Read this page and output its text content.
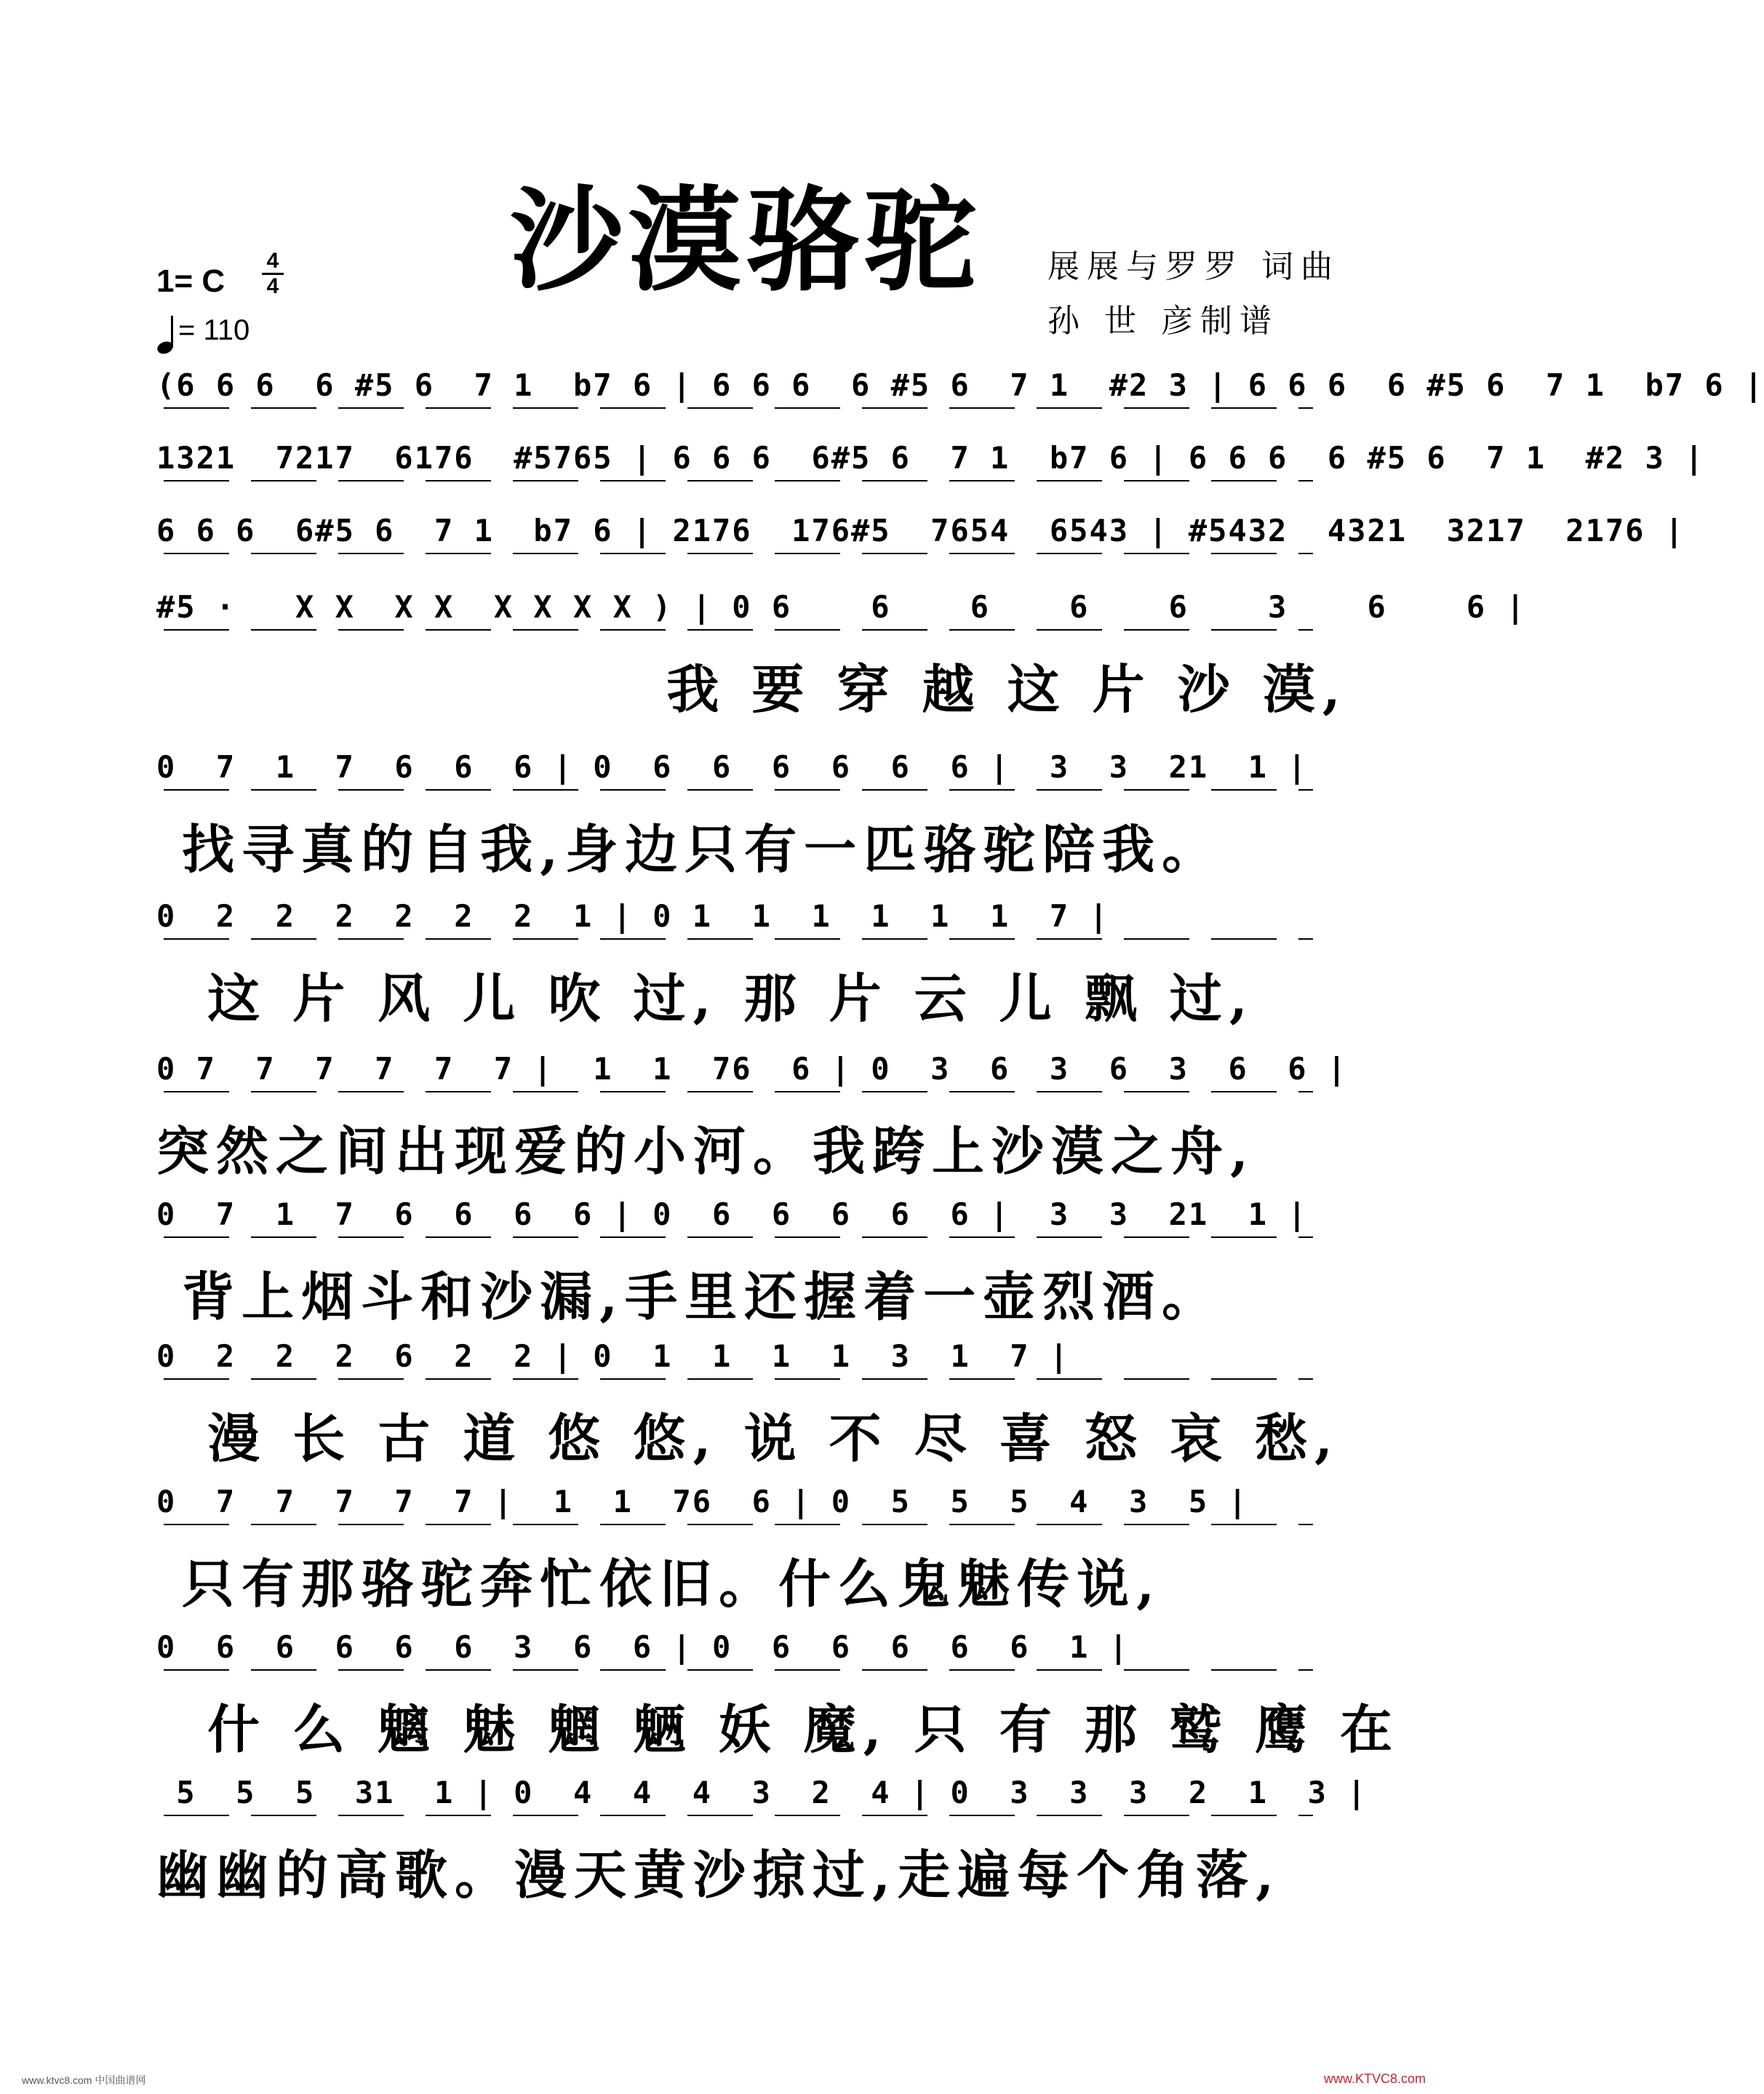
沙漠骆驼	展展与罗罗 词曲
孙 世 彦制谱
1= C
4
4
= 110
(6 6 6  6 #5 6  7 1  b7 6 | 6 6 6  6 #5 6  7 1  #2 3 | 6 6 6  6 #5 6  7 1  b7 6 |
1321  7217  6176  #5765 | 6 6 6  6#5 6  7 1  b7 6 | 6 6 6  6 #5 6  7 1  #2 3 |
6 6 6  6#5 6  7 1  b7 6 | 2176  176#5  7654  6543 | #5432  4321  3217  2176 |
#5 ·   X X  X X  X X X X ) | 0 6    6    6    6    6    3    6    6 |
我 要 穿 越 这 片 沙 漠,
0  7  1  7  6  6  6 | 0  6  6  6  6  6  6 |  3  3  21  1 |
找寻真的自我,身边只有一匹骆驼陪我。
0  2  2  2  2  2  2  1 | 0 1  1  1  1  1  1  7 |
这 片 风 儿 吹 过, 那 片 云 儿 飘 过,
0 7  7  7  7  7  7 |  1  1  76  6 | 0  3  6  3  6  3  6  6 |
突然之间出现爱的小河。我跨上沙漠之舟,
0  7  1  7  6  6  6  6 | 0  6  6  6  6  6 |  3  3  21  1 |
背上烟斗和沙漏,手里还握着一壶烈酒。
0  2  2  2  6  2  2 | 0  1  1  1  1  3  1  7 |
漫 长 古 道 悠 悠, 说 不 尽 喜 怒 哀 愁,
0  7  7  7  7  7 |  1  1  76  6 | 0  5  5  5  4  3  5 |
只有那骆驼奔忙依旧。什么鬼魅传说,
0  6  6  6  6  6  3  6  6 | 0  6  6  6  6  6  1 |
什 么 魑 魅 魍 魉 妖 魔, 只 有 那 鹫 鹰 在
5  5  5  31  1 | 0  4  4  4  3  2  4 | 0  3  3  3  2  1  3 |
幽幽的高歌。漫天黄沙掠过,走遍每个角落,
www.ktvc8.com 中国曲谱网	www.KTVC8.com
